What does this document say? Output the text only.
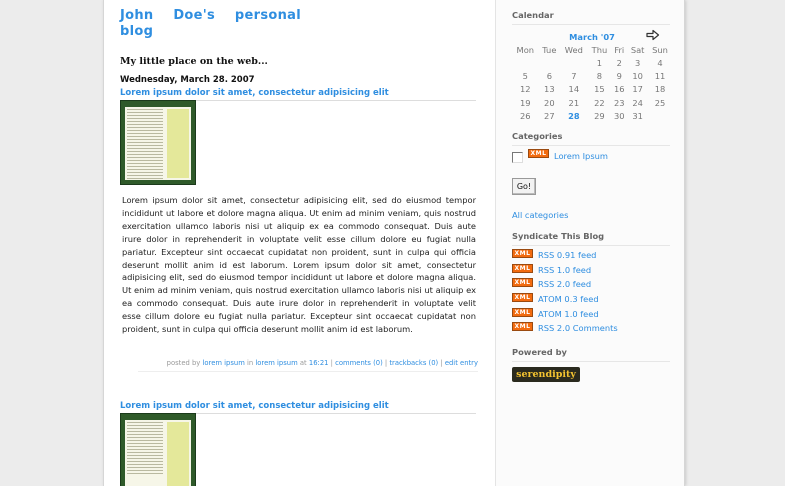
John Doe's personal
blog
My little place on the web...
Wednesday, March 28. 2007
Lorem ipsum dolor sit amet, consectetur adipisicing elit

Lorem ipsum dolor sit amet, consectetur adipisicing elit, sed do eiusmod tempor incididunt ut labore et dolore magna aliqua. Ut enim ad minim veniam, quis nostrud exercitation ullamco laboris nisi ut aliquip ex ea commodo consequat. Duis aute irure dolor in reprehenderit in voluptate velit esse cillum dolore eu fugiat nulla pariatur. Excepteur sint occaecat cupidatat non proident, sunt in culpa qui officia deserunt mollit anim id est laborum. Lorem ipsum dolor sit amet, consectetur adipisicing elit, sed do eiusmod tempor incididunt ut labore et dolore magna aliqua. Ut enim ad minim veniam, quis nostrud exercitation ullamco laboris nisi ut aliquip ex ea commodo consequat. Duis aute irure dolor in reprehenderit in voluptate velit esse cillum dolore eu fugiat nulla pariatur. Excepteur sint occaecat cupidatat non proident, sunt in culpa qui officia deserunt mollit anim id est laborum.

posted by lorem ipsum in lorem ipsum at 16:21 | comments (0) | trackbacks (0) | edit entry
Lorem ipsum dolor sit amet, consectetur adipisicing elit
Calendar
March '07						
Mon	Tue	Wed	Thu	Fri	Sat	Sun
			1	2	3	4
5	6	7	8	9	10	11
12	13	14	15	16	17	18
19	20	21	22	23	24	25
26	27	28	29	30	31	
Categories
XML Lorem Ipsum
Go!
All categories
Syndicate This Blog
XML RSS 0.91 feed
XML RSS 1.0 feed
XML RSS 2.0 feed
XML ATOM 0.3 feed
XML ATOM 1.0 feed
XML RSS 2.0 Comments
Powered by
serendipity
